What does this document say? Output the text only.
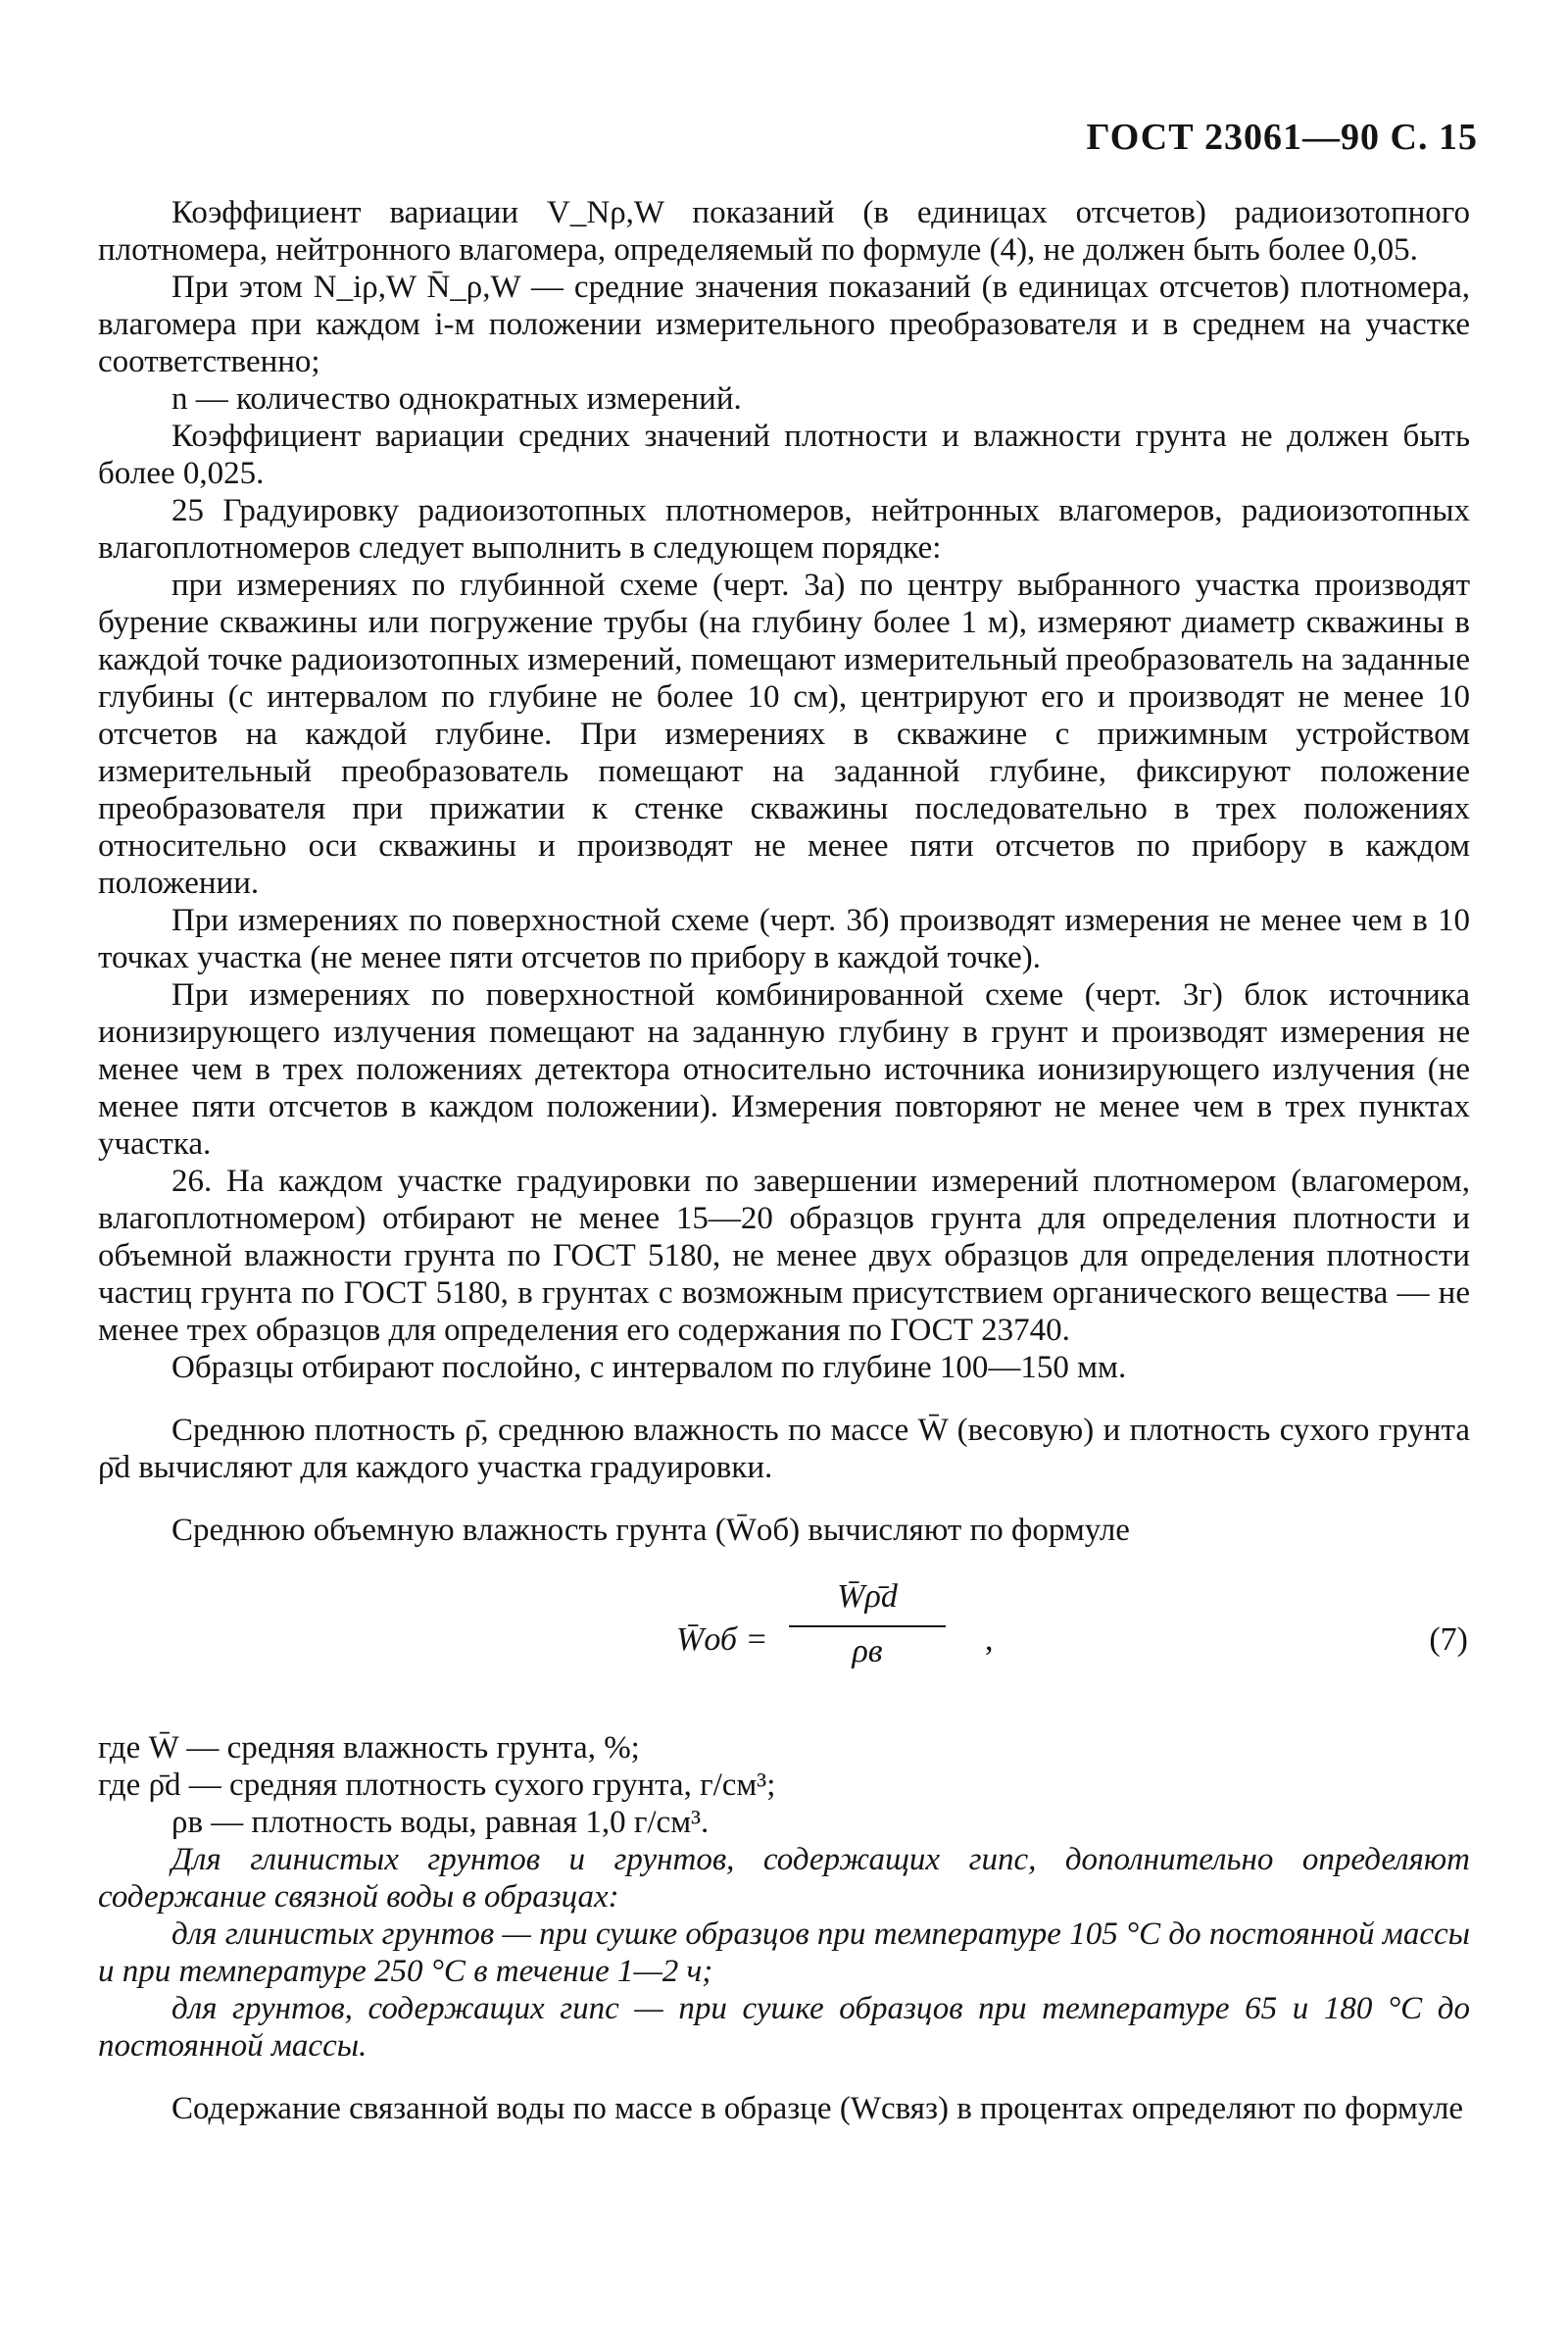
ГОСТ 23061—90 С. 15

Коэффициент вариации V_Nρ,W показаний (в единицах отсчетов) радиоизотопного плотномера, нейтронного влагомера, определяемый по формуле (4), не должен быть более 0,05.

При этом N_iρ,W N̄_ρ,W — средние значения показаний (в единицах отсчетов) плотномера, влагомера при каждом i-м положении измерительного преобразователя и в среднем на участке соответственно;

n — количество однократных измерений.

Коэффициент вариации средних значений плотности и влажности грунта не должен быть более 0,025.

25 Градуировку радиоизотопных плотномеров, нейтронных влагомеров, радиоизотопных влагоплотномеров следует выполнить в следующем порядке:

при измерениях по глубинной схеме (черт. 3а) по центру выбранного участка производят бурение скважины или погружение трубы (на глубину более 1 м), измеряют диаметр скважины в каждой точке радиоизотопных измерений, помещают измерительный преобразователь на заданные глубины (с интервалом по глубине не более 10 см), центрируют его и производят не менее 10 отсчетов на каждой глубине. При измерениях в скважине с прижимным устройством измерительный преобразователь помещают на заданной глубине, фиксируют положение преобразователя при прижатии к стенке скважины последовательно в трех положениях относительно оси скважины и производят не менее пяти отсчетов по прибору в каждом положении.

При измерениях по поверхностной схеме (черт. 3б) производят измерения не менее чем в 10 точках участка (не менее пяти отсчетов по прибору в каждой точке).

При измерениях по поверхностной комбинированной схеме (черт. 3г) блок источника ионизирующего излучения помещают на заданную глубину в грунт и производят измерения не менее чем в трех положениях детектора относительно источника ионизирующего излучения (не менее пяти отсчетов в каждом положении). Измерения повторяют не менее чем в трех пунктах участка.

26. На каждом участке градуировки по завершении измерений плотномером (влагомером, влагоплотномером) отбирают не менее 15—20 образцов грунта для определения плотности и объемной влажности грунта по ГОСТ 5180, не менее двух образцов для определения плотности частиц грунта по ГОСТ 5180, в грунтах с возможным присутствием органического вещества — не менее трех образцов для определения его содержания по ГОСТ 23740.

Образцы отбирают послойно, с интервалом по глубине 100—150 мм.

Среднюю плотность ρ̄, среднюю влажность по массе W̄ (весовую) и плотность сухого грунта ρ̄d вычисляют для каждого участка градуировки.

Среднюю объемную влажность грунта (W̄об) вычисляют по формуле

W̄об =
W̄ρ̄d
ρв	,	(7)

где W̄ — средняя влажность грунта, %;

где ρ̄d — средняя плотность сухого грунта, г/см³;

ρв — плотность воды, равная 1,0 г/см³.

Для глинистых грунтов и грунтов, содержащих гипс, дополнительно определяют содержание связной воды в образцах:

для глинистых грунтов — при сушке образцов при температуре 105 °С до постоянной массы и при температуре 250 °С в течение 1—2 ч;

для грунтов, содержащих гипс — при сушке образцов при температуре 65 и 180 °С до постоянной массы.

Содержание связанной воды по массе в образце (Wсвяз) в процентах определяют по формуле
